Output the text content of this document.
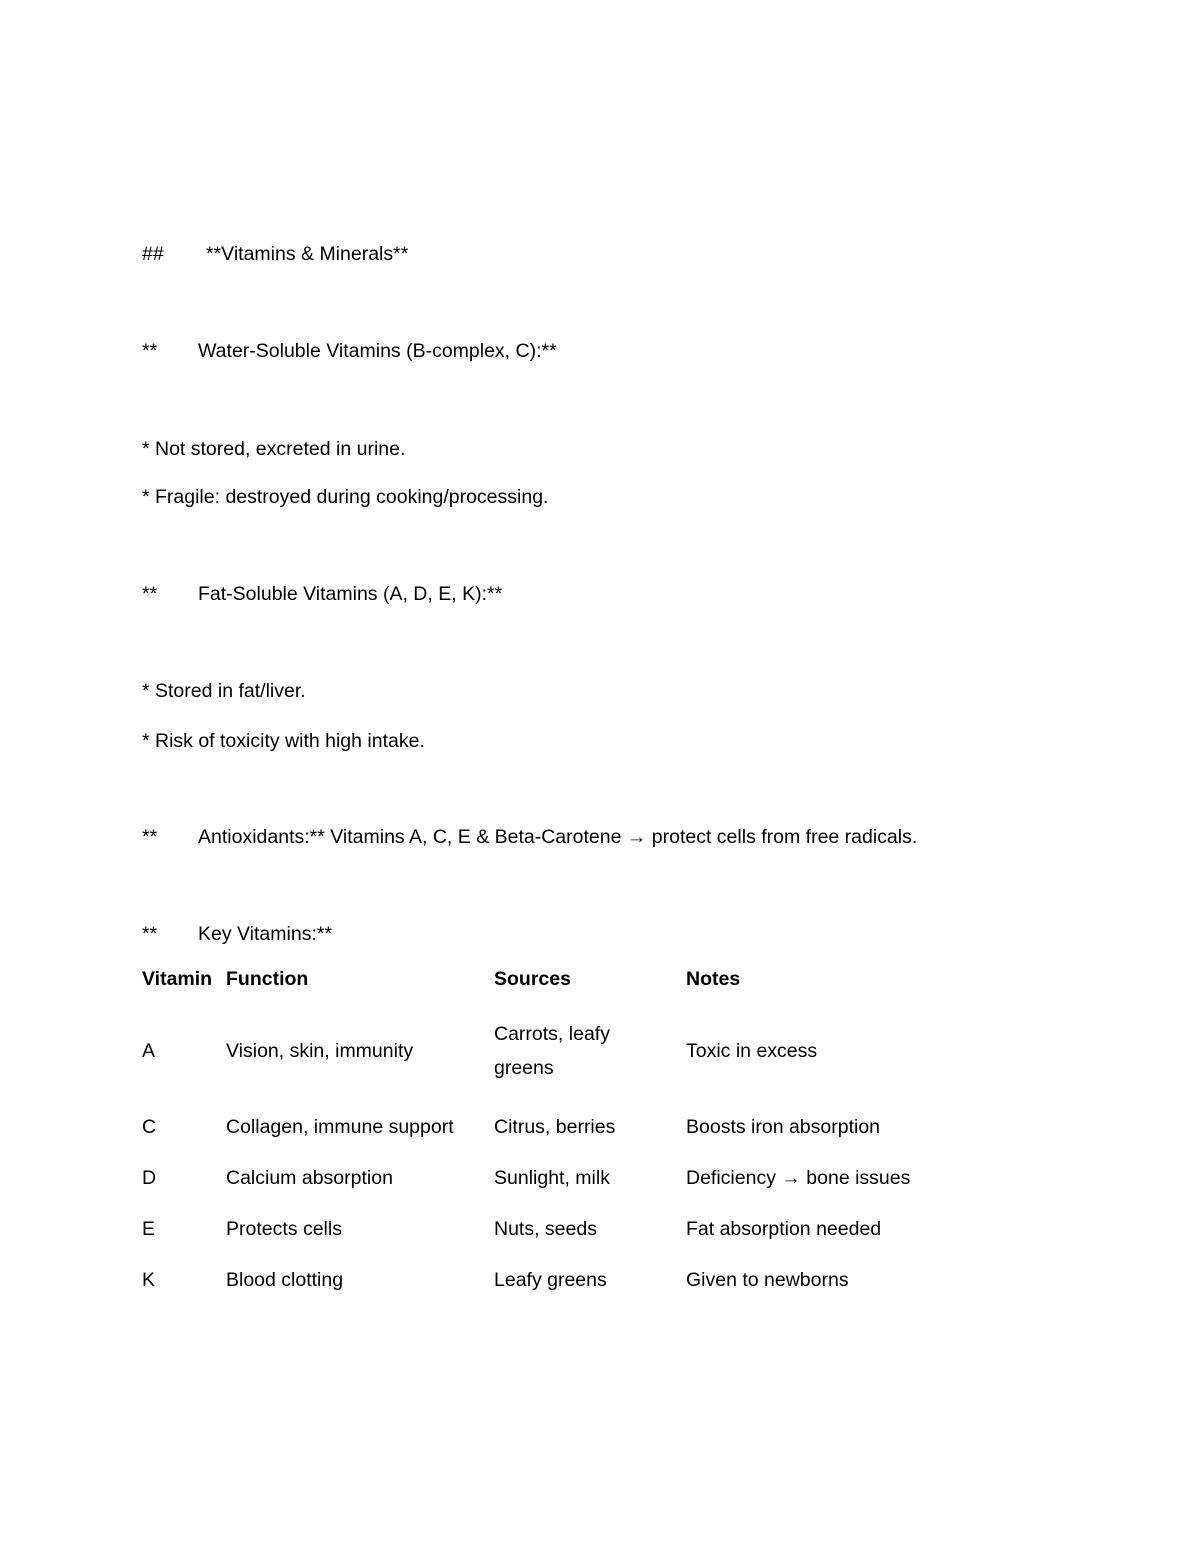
## **Vitamins & Minerals**
** Water-Soluble Vitamins (B-complex, C):**
* Not stored, excreted in urine.
* Fragile: destroyed during cooking/processing.
** Fat-Soluble Vitamins (A, D, E, K):**
* Stored in fat/liver.
* Risk of toxicity with high intake.
** Antioxidants:** Vitamins A, C, E & Beta-Carotene → protect cells from free radicals.
** Key Vitamins:**
Vitamin	Function	Sources	Notes
A	Vision, skin, immunity	Carrots, leafy greens	Toxic in excess
C	Collagen, immune support	Citrus, berries	Boosts iron absorption
D	Calcium absorption	Sunlight, milk	Deficiency → bone issues
E	Protects cells	Nuts, seeds	Fat absorption needed
K	Blood clotting	Leafy greens	Given to newborns
